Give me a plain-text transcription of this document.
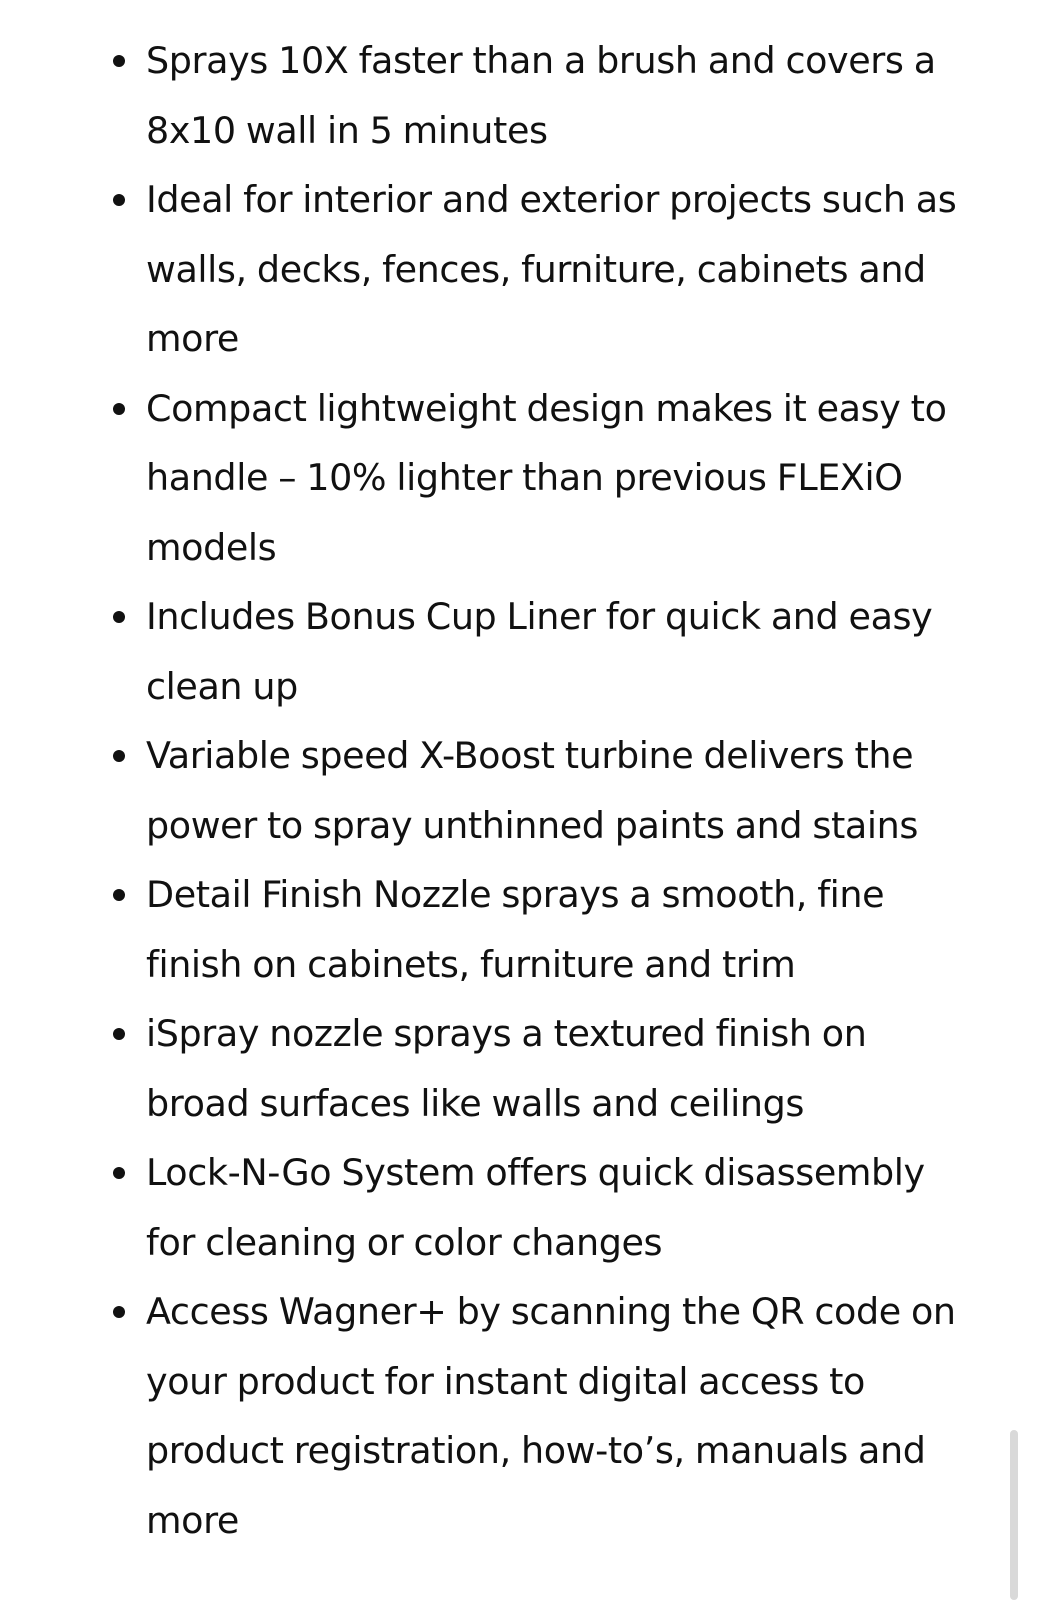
Sprays 10X faster than a brush and covers a 8x10 wall in 5 minutes
Ideal for interior and exterior projects such as walls, decks, fences, furniture, cabinets and more
Compact lightweight design makes it easy to handle – 10% lighter than previous FLEXiO models
Includes Bonus Cup Liner for quick and easy clean up
Variable speed X-Boost turbine delivers the power to spray unthinned paints and stains
Detail Finish Nozzle sprays a smooth, fine finish on cabinets, furniture and trim
iSpray nozzle sprays a textured finish on broad surfaces like walls and ceilings
Lock-N-Go System offers quick disassembly for cleaning or color changes
Access Wagner+ by scanning the QR code on your product for instant digital access to product registration, how-to’s, manuals and more
